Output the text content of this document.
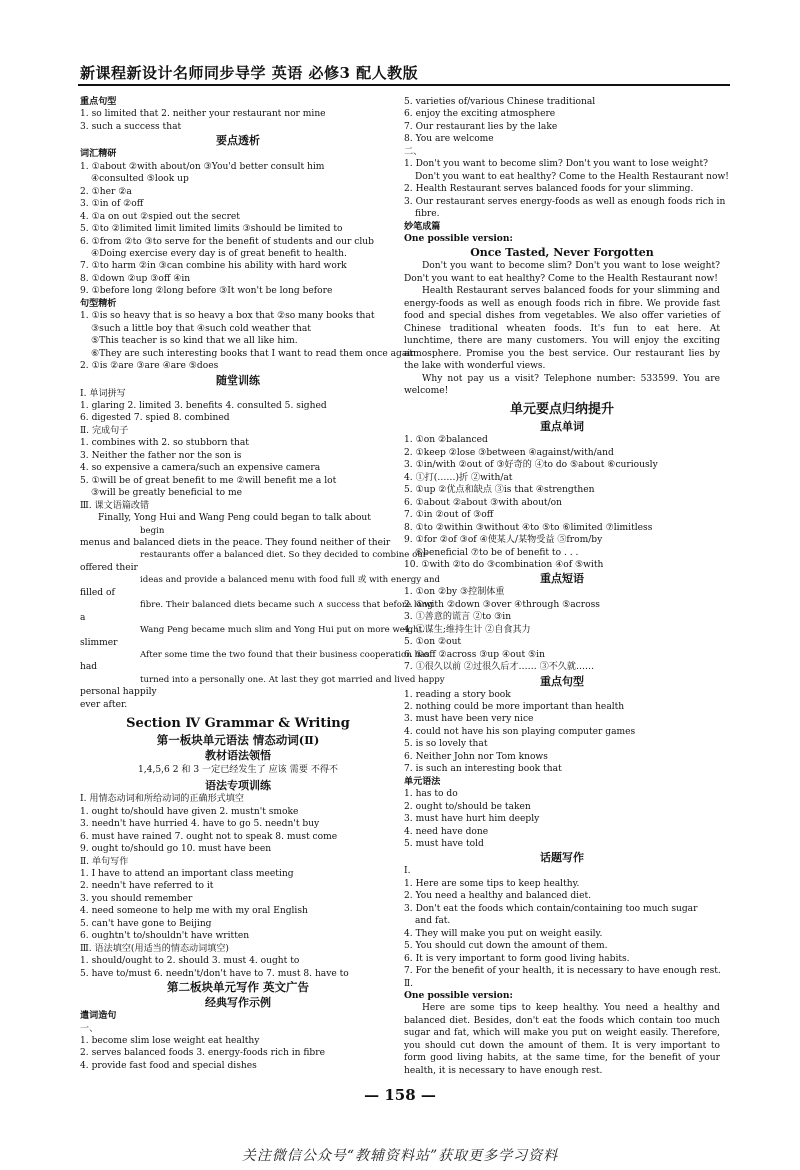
新课程新设计名师同步导学 英语 必修3 配人教版
重点句型
1. so limited that 2. neither your restaurant nor mine
3. such a success that
要点透析
词汇精研
1. ①about ②with about/on ③You'd better consult him
④consulted ⑤look up
2. ①her ②a
3. ①in of ②off
4. ①a on out ②spied out the secret
5. ①to ②limited limit limited limits ③should be limited to
6. ①from ②to ③to serve for the benefit of students and our club
④Doing exercise every day is of great benefit to health.
7. ①to harm ②in ③can combine his ability with hard work
8. ①down ②up ③off ④in
9. ①before long ②long before ③It won't be long before
句型精析
1. ①is so heavy that is so heavy a box that ②so many books that
③such a little boy that ④such cold weather that
⑤This teacher is so kind that we all like him.
⑥They are such interesting books that I want to read them once again.
2. ①is ②are ③are ④are ⑤does
随堂训练
Ⅰ. 单词拼写
1. glaring 2. limited 3. benefits 4. consulted 5. sighed
6. digested 7. spied 8. combined
Ⅱ. 完成句子
1. combines with 2. so stubborn that
3. Neither the father nor the son is
4. so expensive a camera/such an expensive camera
5. ①will be of great benefit to me ②will benefit me a lot
③will be greatly beneficial to me
Ⅲ. 课文语篇改错
Finally, Yong Hui and Wang Peng could began to talk about
begin
menus and balanced diets in the peace. They found neither of their
restaurants offer a balanced diet. So they decided to combine our
offered their
ideas and provide a balanced menu with food full 或 with energy and
filled of
fibre. Their balanced diets became such ∧ success that before long
a
Wang Peng became much slim and Yong Hui put on more weight.
slimmer
After some time the two found that their business cooperation has
had
turned into a personally one. At last they got married and lived happy
personal happily
ever after.
Section Ⅳ Grammar & Writing
第一板块单元语法 情态动词(Ⅱ)
教材语法领悟
1,4,5,6 2 和 3 一定已经发生了 应该 需要 不得不
语法专项训练
Ⅰ. 用情态动词和所给动词的正确形式填空
1. ought to/should have given 2. mustn't smoke
3. needn't have hurried 4. have to go 5. needn't buy
6. must have rained 7. ought not to speak 8. must come
9. ought to/should go 10. must have been
Ⅱ. 单句写作
1. I have to attend an important class meeting
2. needn't have referred to it
3. you should remember
4. need someone to help me with my oral English
5. can't have gone to Beijing
6. oughtn't to/shouldn't have written
Ⅲ. 语法填空(用适当的情态动词填空)
1. should/ought to 2. should 3. must 4. ought to
5. have to/must 6. needn't/don't have to 7. must 8. have to
第二板块单元写作 英文广告
经典写作示例
遣词造句
一、
1. become slim lose weight eat healthy
2. serves balanced foods 3. energy-foods rich in fibre
4. provide fast food and special dishes
5. varieties of/various Chinese traditional
6. enjoy the exciting atmosphere
7. Our restaurant lies by the lake
8. You are welcome
二、
1. Don't you want to become slim? Don't you want to lose weight?
Don't you want to eat healthy? Come to the Health Restaurant now!
2. Health Restaurant serves balanced foods for your slimming.
3. Our restaurant serves energy-foods as well as enough foods rich in
fibre.
妙笔成篇
One possible version:
Once Tasted, Never Forgotten
Don't you want to become slim? Don't you want to lose weight? Don't you want to eat healthy? Come to the Health Restaurant now!
Health Restaurant serves balanced foods for your slimming and energy-foods as well as enough foods rich in fibre. We provide fast food and special dishes from vegetables. We also offer varieties of Chinese traditional wheaten foods. It's fun to eat here. At lunchtime, there are many customers. You will enjoy the exciting atmosphere. Promise you the best service. Our restaurant lies by the lake with wonderful views.
Why not pay us a visit? Telephone number: 533599. You are welcome!
单元要点归纳提升
重点单词
1. ①on ②balanced
2. ①keep ②lose ③between ④against/with/and
3. ①in/with ②out of ③好奇的 ④to do ⑤about ⑥curiously
4. ①打(……)折 ②with/at
5. ①up ②优点和缺点 ③is that ④strengthen
6. ①about ②about ③with about/on
7. ①in ②out of ③off
8. ①to ②within ③without ④to ⑤to ⑥limited ⑦limitless
9. ①for ②of ③of ④使某人/某物受益 ⑤from/by
⑥beneficial ⑦to be of benefit to . . .
10. ①with ②to do ③combination ④of ⑤with
重点短语
1. ①on ②by ③控制体重
2. ①with ②down ③over ④through ⑤across
3. ①善意的谎言 ②to ③in
4. ①谋生;维持生计 ②自食其力
5. ①on ②out
6. ①off ②across ③up ④out ⑤in
7. ①很久以前 ②过很久后才…… ③不久就……
重点句型
1. reading a story book
2. nothing could be more important than health
3. must have been very nice
4. could not have his son playing computer games
5. is so lovely that
6. Neither John nor Tom knows
7. is such an interesting book that
单元语法
1. has to do
2. ought to/should be taken
3. must have hurt him deeply
4. need have done
5. must have told
话题写作
Ⅰ.
1. Here are some tips to keep healthy.
2. You need a healthy and balanced diet.
3. Don't eat the foods which contain/containing too much sugar
and fat.
4. They will make you put on weight easily.
5. You should cut down the amount of them.
6. It is very important to form good living habits.
7. For the benefit of your health, it is necessary to have enough rest.
Ⅱ.
One possible version:
Here are some tips to keep healthy. You need a healthy and balanced diet. Besides, don't eat the foods which contain too much sugar and fat, which will make you put on weight easily. Therefore, you should cut down the amount of them. It is very important to form good living habits, at the same time, for the benefit of your health, it is necessary to have enough rest.
— 158 —
关注微信公众号“教辅资料站”获取更多学习资料
